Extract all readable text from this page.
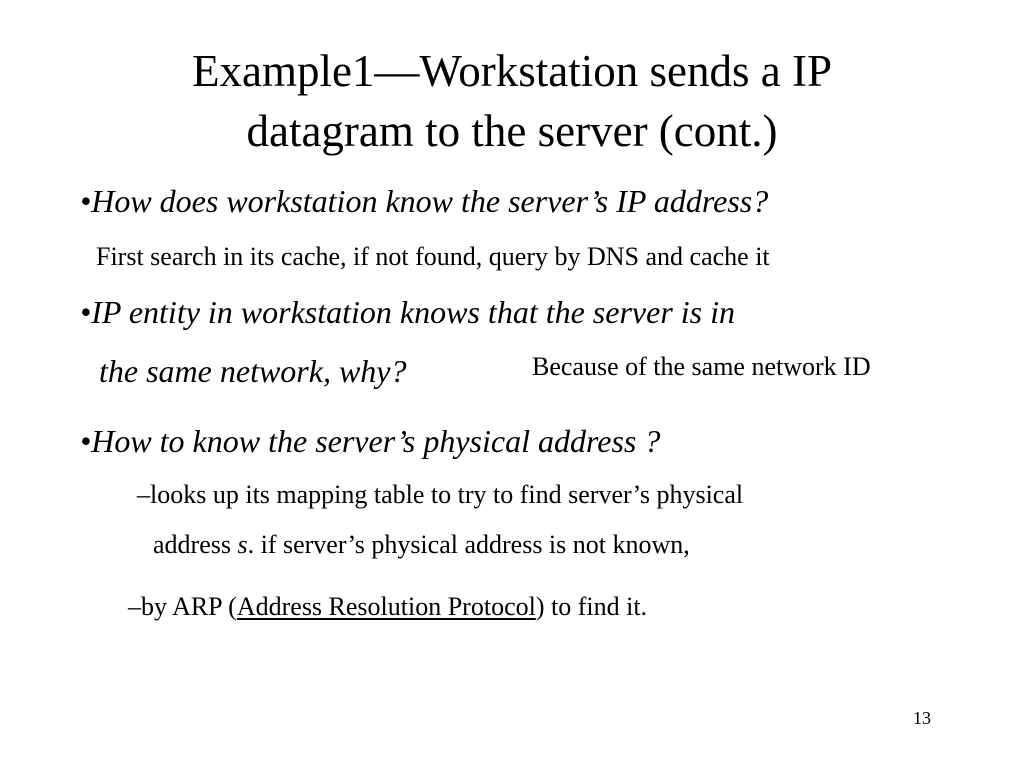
Example1—Workstation sends a IP
datagram to the server (cont.)
•How does workstation know the server’s IP address?
First search in its cache, if not found, query by DNS and cache it
•IP entity in workstation knows that the server is in
the same network, why?	Because of the same network ID
•How to know the server’s physical address ?
–looks up its mapping table to try to find server’s physical
address s. if server’s physical address is not known,
–by ARP (Address Resolution Protocol) to find it.
13
